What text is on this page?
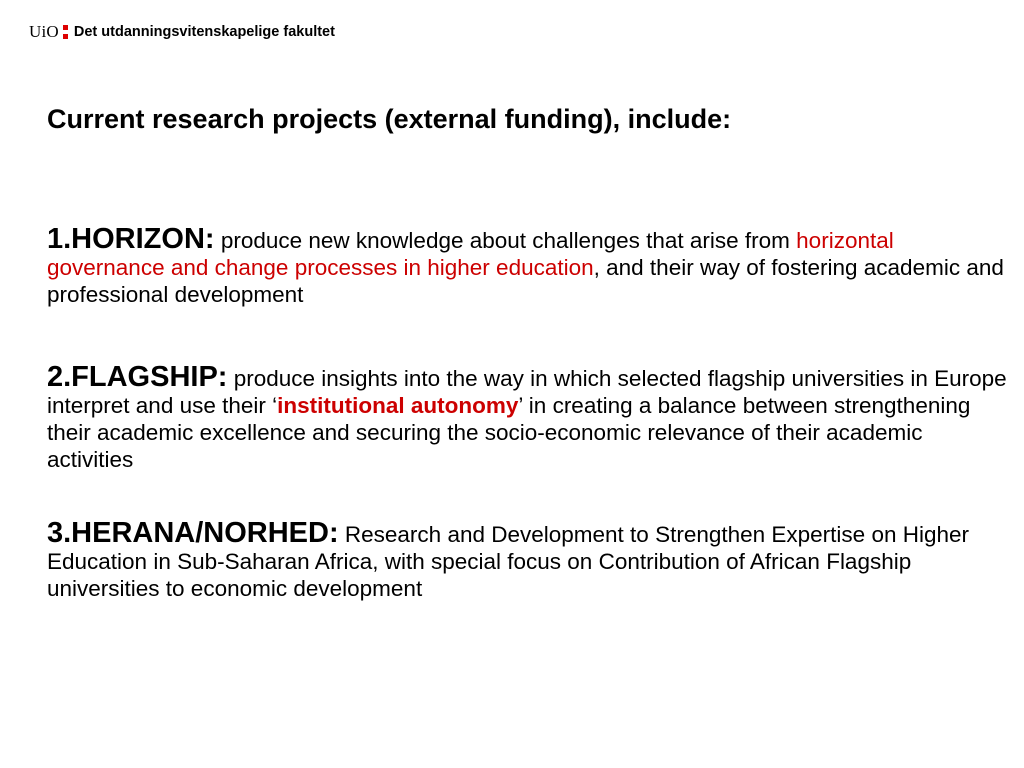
UiO Det utdanningsvitenskapelige fakultet
Current research projects (external funding), include:

1.HORIZON: produce new knowledge about challenges that arise from horizontal governance and change processes in higher education, and their way of fostering academic and professional development

2.FLAGSHIP: produce insights into the way in which selected flagship universities in Europe interpret and use their ‘institutional autonomy’ in creating a balance between strengthening their academic excellence and securing the socio-economic relevance of their academic activities

3.HERANA/NORHED: Research and Development to Strengthen Expertise on Higher Education in Sub-Saharan Africa, with special focus on Contribution of African Flagship universities to economic development
